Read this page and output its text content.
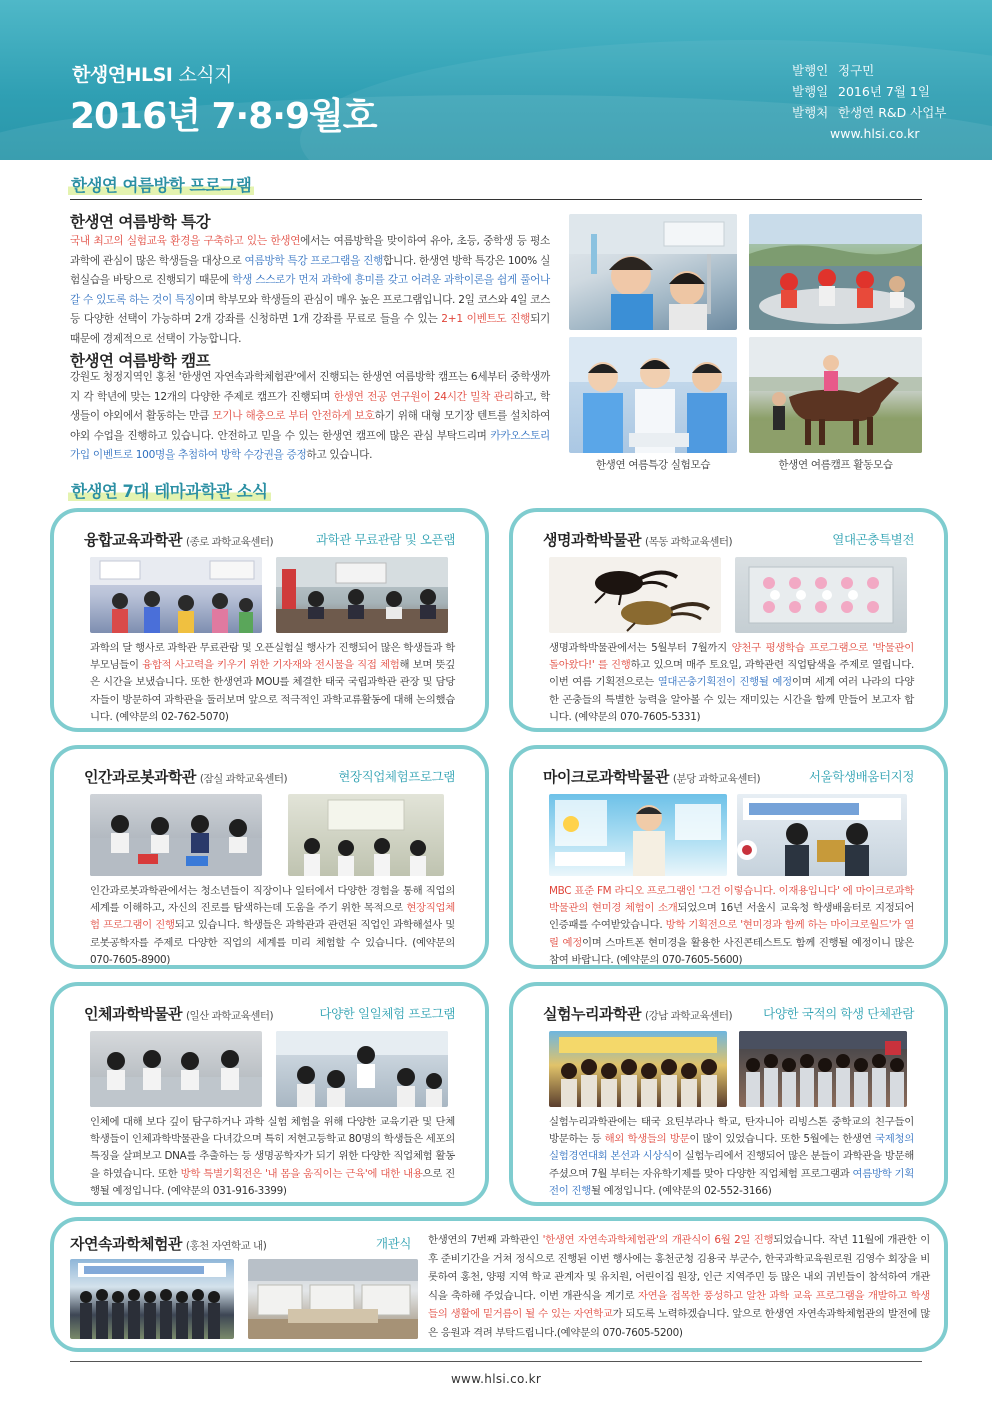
한생연HLSI 소식지
2016년 7·8·9월호
발행인 정구민
발행일 2016년 7월 1일
발행처 한생연 R&D 사업부
www.hlsi.co.kr
한생연 여름방학 프로그램
한생연 여름방학 특강
국내 최고의 실험교육 환경을 구축하고 있는 한생연에서는 여름방학을 맞이하여 유아, 초등, 중학생 등 평소 과학에 관심이 많은 학생들을 대상으로 여름방학 특강 프로그램을 진행합니다. 한생연 방학 특강은 100% 실험실습을 바탕으로 진행되기 때문에 학생 스스로가 먼저 과학에 흥미를 갖고 어려운 과학이론을 쉽게 풀어나갈 수 있도록 하는 것이 특징이며 학부모와 학생들의 관심이 매우 높은 프로그램입니다. 2일 코스와 4일 코스 등 다양한 선택이 가능하며 2개 강좌를 신청하면 1개 강좌를 무료로 들을 수 있는 2+1 이벤트도 진행되기 때문에 경제적으로 선택이 가능합니다.
한생연 여름방학 캠프
강원도 청정지역인 홍천 '한생연 자연속과학체험관'에서 진행되는 한생연 여름방학 캠프는 6세부터 중학생까지 각 학년에 맞는 12개의 다양한 주제로 캠프가 진행되며 한생연 전공 연구원이 24시간 밀착 관리하고, 학생들이 야외에서 활동하는 만큼 모기나 해충으로 부터 안전하게 보호하기 위해 대형 모기장 텐트를 설치하여 야외 수업을 진행하고 있습니다. 안전하고 믿을 수 있는 한생연 캠프에 많은 관심 부탁드리며 카카오스토리 가입 이벤트로 100명을 추첨하여 방학 수강권을 증정하고 있습니다.
한생연 여름특강 실험모습	한생연 여름캠프 활동모습
한생연 7대 테마과학관 소식
융합교육과학관 (종로 과학교육센터)	과학관 무료관람 및 오픈랩
과학의 달 행사로 과학관 무료관람 및 오픈실험실 행사가 진행되어 많은 학생들과 학부모님들이 융합적 사고력을 키우기 위한 기자재와 전시물을 직접 체험해 보며 뜻깊은 시간을 보냈습니다. 또한 한생연과 MOU를 체결한 태국 국립과학관 관장 및 담당자들이 방문하여 과학관을 둘러보며 앞으로 적극적인 과학교류활동에 대해 논의했습니다. (예약문의 02-762-5070)
생명과학박물관 (목동 과학교육센터)	열대곤충특별전
생명과학박물관에서는 5월부터 7월까지 양천구 평생학습 프로그램으로 '박물관이 돌아왔다!' 를 진행하고 있으며 매주 토요일, 과학관련 직업탐색을 주제로 열립니다. 이번 여름 기획전으로는 열대곤충기획전이 진행될 예정이며 세계 여러 나라의 다양한 곤충들의 특별한 능력을 알아볼 수 있는 재미있는 시간을 함께 만들어 보고자 합니다. (예약문의 070-7605-5331)
인간과로봇과학관 (잠실 과학교육센터)	현장직업체험프로그램
인간과로봇과학관에서는 청소년들이 직장이나 일터에서 다양한 경험을 통해 직업의 세계를 이해하고, 자신의 진로를 탐색하는데 도움을 주기 위한 목적으로 현장직업체험 프로그램이 진행되고 있습니다. 학생들은 과학관과 관련된 직업인 과학해설사 및 로봇공학자를 주제로 다양한 직업의 세계를 미리 체험할 수 있습니다. (예약문의 070-7605-8900)
마이크로과학박물관 (분당 과학교육센터)	서울학생배움터지정
MBC 표준 FM 라디오 프로그램인 '그건 이렇습니다. 이재용입니다' 에 마이크로과학박물관의 현미경 체험이 소개되었으며 16년 서울시 교육청 학생배움터로 지정되어 인증패를 수여받았습니다. 방학 기획전으로 '현미경과 함께 하는 마이크로월드'가 열릴 예정이며 스마트폰 현미경을 활용한 사진콘테스트도 함께 진행될 예정이니 많은 참여 바랍니다. (예약문의 070-7605-5600)
인체과학박물관 (일산 과학교육센터)	다양한 일일체험 프로그램
인체에 대해 보다 깊이 탐구하거나 과학 실험 체험을 위해 다양한 교육기관 및 단체 학생들이 인체과학박물관을 다녀갔으며 특히 저현고등학교 80명의 학생들은 세포의 특징을 살펴보고 DNA를 추출하는 등 생명공학자가 되기 위한 다양한 직업체험 활동을 하였습니다. 또한 방학 특별기획전은 '내 몸을 움직이는 근육'에 대한 내용으로 진행될 예정입니다. (예약문의 031-916-3399)
실험누리과학관 (강남 과학교육센터) 다양한 국적의 학생 단체관람
실험누리과학관에는 태국 요틴부라나 학교, 탄자니아 리빙스톤 중학교의 친구들이 방문하는 등 해외 학생들의 방문이 많이 있었습니다. 또한 5월에는 한생연 국제청의실험경연대회 본선과 시상식이 실험누리에서 진행되어 많은 분들이 과학관을 방문해 주셨으며 7월 부터는 자유학기제를 맞아 다양한 직업체험 프로그램과 여름방학 기획전이 진행될 예정입니다. (예약문의 02-552-3166)
자연속과학체험관 (홍천 자연학교 내)	개관식 한생연의 7번째 과학관인 '한생연 자연속과학체험관'의 개관식이 6월 2일 진행되었습니다. 작년 11월에 개관한 이후 준비기간을 거쳐 정식으로 진행된 이번 행사에는 홍천군청 김용국 부군수, 한국과학교육원로원 김영수 회장을 비롯하여 홍천, 양평 지역 학교 관계자 및 유치원, 어린이집 원장, 인근 지역주민 등 많은 내외 귀빈들이 참석하여 개관식을 축하해 주었습니다. 이번 개관식을 계기로 자연을 접목한 풍성하고 알찬 과학 교육 프로그램을 개발하고 학생들의 생활에 밑거름이 될 수 있는 자연학교가 되도록 노력하겠습니다. 앞으로 한생연 자연속과학체험관의 발전에 많은 응원과 격려 부탁드립니다.(예약문의 070-7605-5200)
www.hlsi.co.kr
